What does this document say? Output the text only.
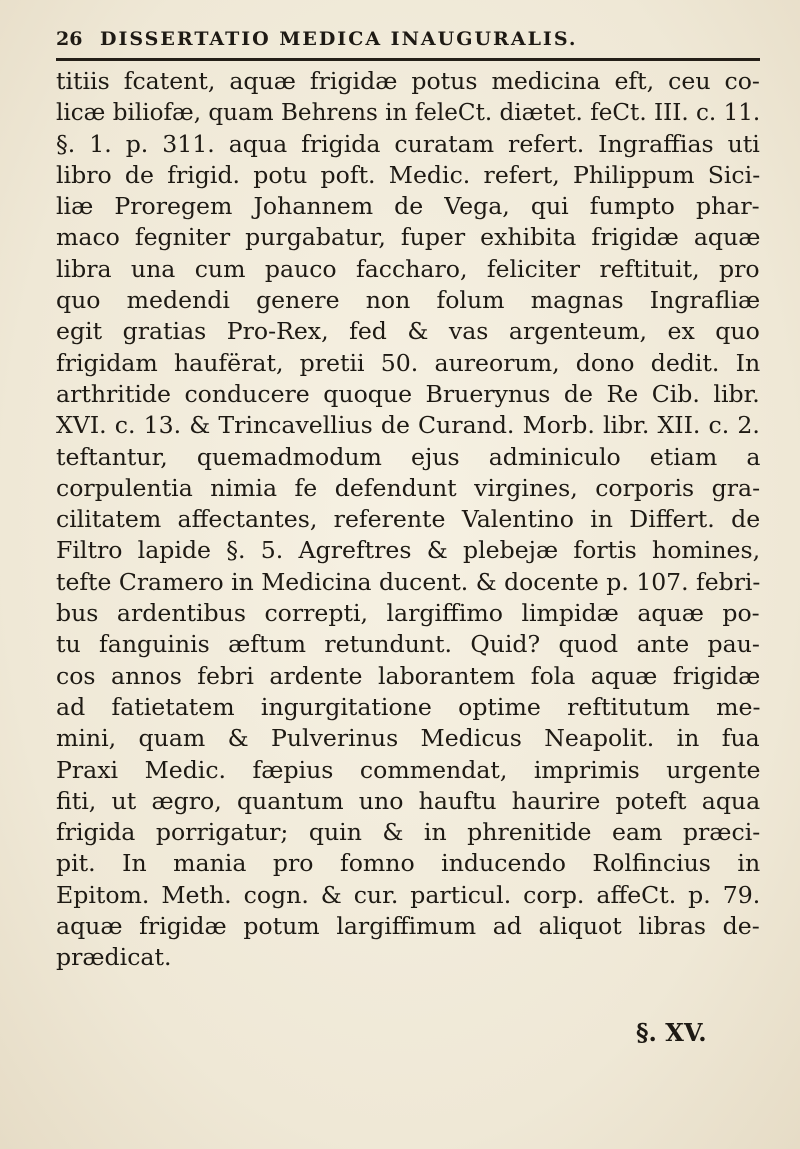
26 DISSERTATIO MEDICA INAUGURALIS.
titiis fcatent, aquæ frigidæ potus medicina eft, ceu co-
licæ biliofæ, quam Behrens in feleCt. diætet. feCt. III. c. 11.
§. 1. p. 311. aqua frigida curatam refert. Ingraffias uti
libro de frigid. potu poft. Medic. refert, Philippum Sici-
liæ Proregem Johannem de Vega, qui fumpto phar-
maco fegniter purgabatur, fuper exhibita frigidæ aquæ
libra una cum pauco faccharo, feliciter reftituit, pro
quo medendi genere non folum magnas Ingrafliæ
egit gratias Pro-Rex, fed & vas argenteum, ex quo
frigidam haufërat, pretii 50. aureorum, dono dedit. In
arthritide conducere quoque Bruerynus de Re Cib. libr.
XVI. c. 13. & Trincavellius de Curand. Morb. libr. XII. c. 2.
teftantur, quemadmodum ejus adminiculo etiam a
corpulentia nimia fe defendunt virgines, corporis gra-
cilitatem affectantes, referente Valentino in Differt. de
Filtro lapide §. 5. Agreftres & plebejæ fortis homines,
tefte Cramero in Medicina ducent. & docente p. 107. febri-
bus ardentibus correpti, largiffimo limpidæ aquæ po-
tu fanguinis æftum retundunt. Quid? quod ante pau-
cos annos febri ardente laborantem fola aquæ frigidæ
ad fatietatem ingurgitatione optime reftitutum me-
mini, quam & Pulverinus Medicus Neapolit. in fua
Praxi Medic. fæpius commendat, imprimis urgente
fiti, ut ægro, quantum uno hauftu haurire poteft aqua
frigida porrigatur; quin & in phrenitide eam præci-
pit. In mania pro fomno inducendo Rolfincius in
Epitom. Meth. cogn. & cur. particul. corp. affeCt. p. 79.
aquæ frigidæ potum largiffimum ad aliquot libras de-
prædicat.
§. XV.
